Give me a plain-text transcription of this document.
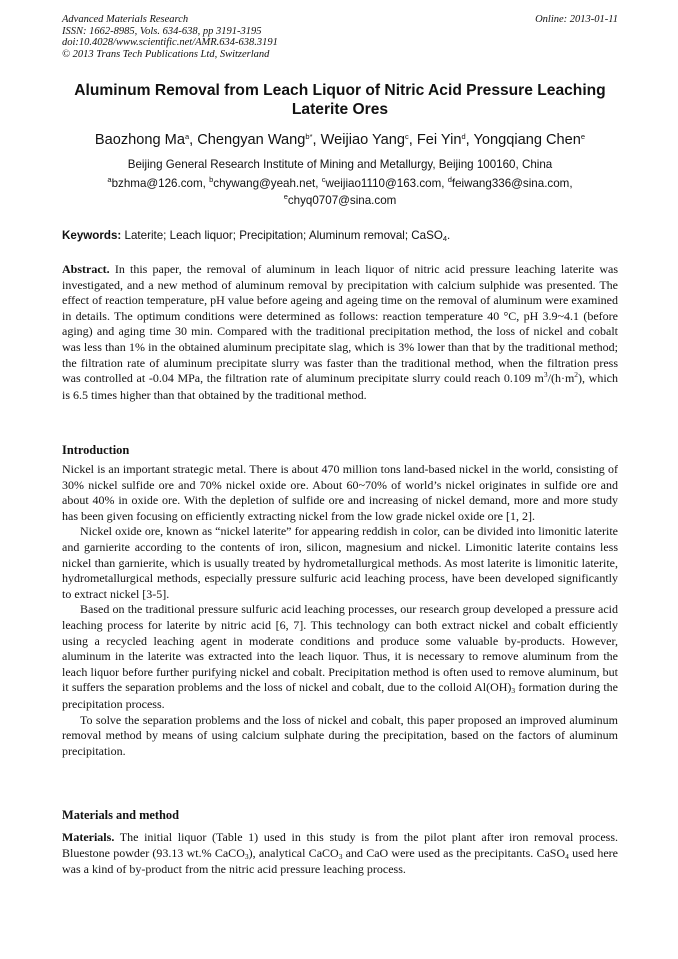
Advanced Materials Research	Online: 2013-01-11
ISSN: 1662-8985, Vols. 634-638, pp 3191-3195
doi:10.4028/www.scientific.net/AMR.634-638.3191
© 2013 Trans Tech Publications Ltd, Switzerland
Aluminum Removal from Leach Liquor of Nitric Acid Pressure Leaching Laterite Ores
Baozhong Ma$^a$, Chengyan Wang$^{b*}$, Weijiao Yang$^c$, Fei Yin$^d$, Yongqiang Chen$^e$
Beijing General Research Institute of Mining and Metallurgy, Beijing 100160, China
$^a$bzhma@126.com, $^b$chywang@yeah.net, $^c$weijiao1110@163.com, $^d$feiwang336@sina.com,
$^e$chyq0707@sina.com
Keywords: Laterite; Leach liquor; Precipitation; Aluminum removal; CaSO$_4$.
Abstract. In this paper, the removal of aluminum in leach liquor of nitric acid pressure leaching laterite was investigated, and a new method of aluminum removal by precipitation with calcium sulphide was presented. The effect of reaction temperature, pH value before ageing and ageing time on the removal of aluminum were examined in details. The optimum conditions were determined as follows: reaction temperature 40 °C, pH 3.9~4.1 (before aging) and aging time 30 min. Compared with the traditional precipitation method, the loss of nickel and cobalt was less than 1% in the obtained aluminum precipitate slag, which is 3% lower than that by the traditional method; the filtration rate of aluminum precipitate slurry was faster than the traditional method, when the filtration press was controlled at -0.04 MPa, the filtration rate of aluminum precipitate slurry could reach 0.109 $m^3/(h\cdot m^2)$, which is 6.5 times higher than that obtained by the traditional method.
Introduction

Nickel is an important strategic metal. There is about 470 million tons land-based nickel in the world, consisting of 30% nickel sulfide ore and 70% nickel oxide ore. About 60~70% of world’s nickel originates in sulfide ore and about 40% in oxide ore. With the depletion of sulfide ore and increasing of nickel demand, more and more study has been given focusing on efficiently extracting nickel from the low grade nickel oxide ore [1, 2].

Nickel oxide ore, known as “nickel laterite” for appearing reddish in color, can be divided into limonitic laterite and garnierite according to the contents of iron, silicon, magnesium and nickel. Limonitic laterite contains less nickel than garnierite, which is usually treated by hydrometallurgical methods. As most laterite is limonitic laterite, hydrometallurgical methods, especially pressure sulfuric acid leaching process, have been developed significantly to extract nickel [3-5].

Based on the traditional pressure sulfuric acid leaching processes, our research group developed a pressure acid leaching process for laterite by nitric acid [6, 7]. This technology can both extract nickel and cobalt efficiently using a recycled leaching agent in moderate conditions and produce some valuable by-products. However, aluminum in the laterite was extracted into the leach liquor. Thus, it is necessary to remove aluminum from the leach liquor before further purifying nickel and cobalt. Precipitation method is often used to remove aluminum, but it suffers the separation problems and the loss of nickel and cobalt, due to the colloid $Al(OH)_3$ formation during the precipitation process.

To solve the separation problems and the loss of nickel and cobalt, this paper proposed an improved aluminum removal method by means of using calcium sulphate during the precipitation, based on the factors of aluminum precipitation.

Materials and method

Materials. The initial liquor (Table 1) used in this study is from the pilot plant after iron removal process. Bluestone powder (93.13 wt.% CaCO$_3$), analytical CaCO$_3$ and CaO were used as the precipitants. CaSO$_4$ used here was a kind of by-product from the nitric acid pressure leaching process.
